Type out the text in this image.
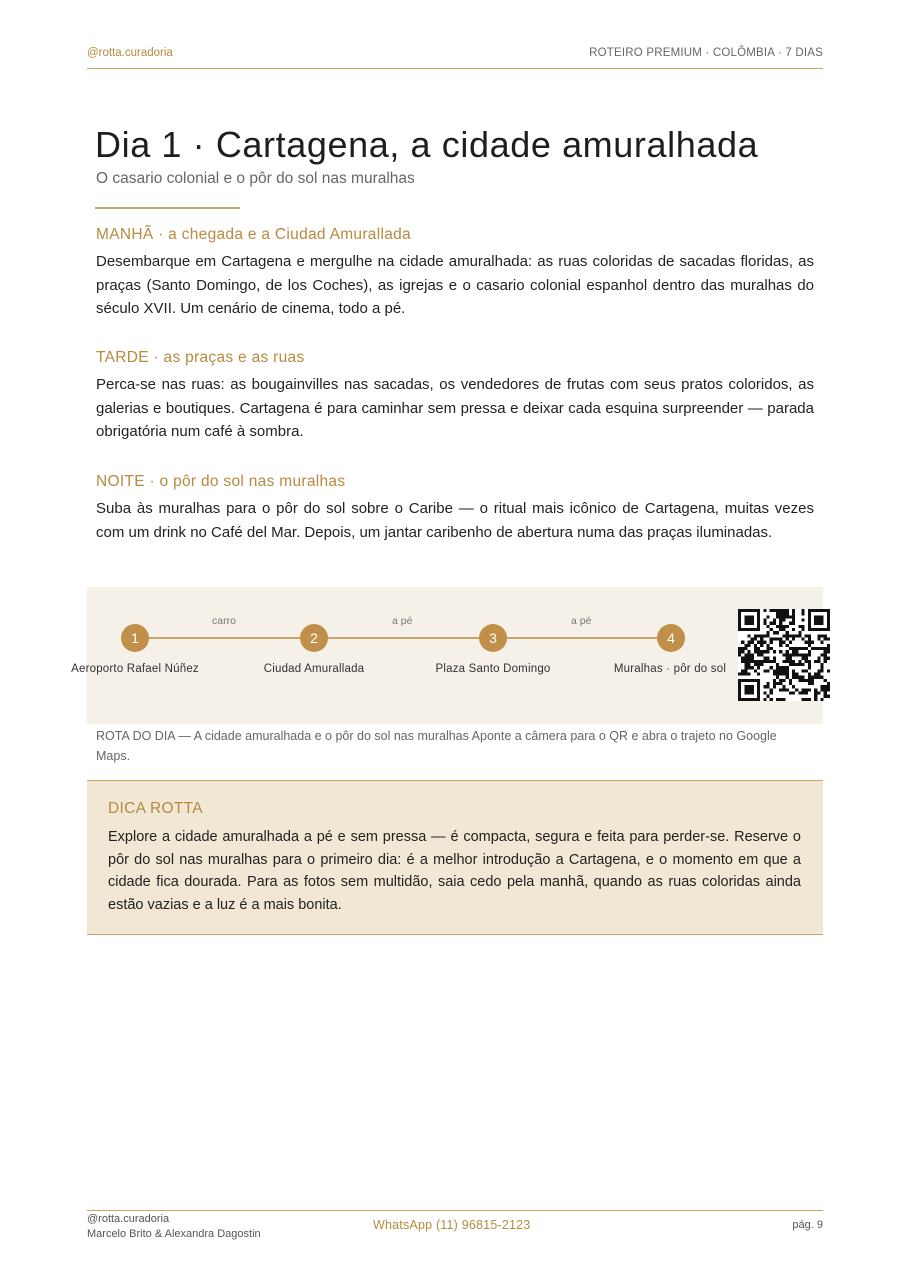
@rotta.curadoria	ROTEIRO PREMIUM · COLÔMBIA · 7 DIAS
Dia 1 · Cartagena, a cidade amuralhada
O casario colonial e o pôr do sol nas muralhas
MANHÃ · a chegada e a Ciudad Amurallada
Desembarque em Cartagena e mergulhe na cidade amuralhada: as ruas coloridas de sacadas floridas, as praças (Santo Domingo, de los Coches), as igrejas e o casario colonial espanhol dentro das muralhas do século XVII. Um cenário de cinema, todo a pé.
TARDE · as praças e as ruas
Perca-se nas ruas: as bougainvilles nas sacadas, os vendedores de frutas com seus pratos coloridos, as galerias e boutiques. Cartagena é para caminhar sem pressa e deixar cada esquina surpreender — parada obrigatória num café à sombra.
NOITE · o pôr do sol nas muralhas
Suba às muralhas para o pôr do sol sobre o Caribe — o ritual mais icônico de Cartagena, muitas vezes com um drink no Café del Mar. Depois, um jantar caribenho de abertura numa das praças iluminadas.
carro	a pé	a pé
1	2	3	4
Aeroporto Rafael Núñez	Ciudad Amurallada	Plaza Santo Domingo	Muralhas · pôr do sol
ROTA DO DIA — A cidade amuralhada e o pôr do sol nas muralhas Aponte a câmera para o QR e abra o trajeto no Google Maps.
DICA ROTTA
Explore a cidade amuralhada a pé e sem pressa — é compacta, segura e feita para perder-se. Reserve o pôr do sol nas muralhas para o primeiro dia: é a melhor introdução a Cartagena, e o momento em que a cidade fica dourada. Para as fotos sem multidão, saia cedo pela manhã, quando as ruas coloridas ainda estão vazias e a luz é a mais bonita.
@rotta.curadoria
Marcelo Brito & Alexandra Dagostin
WhatsApp (11) 96815-2123	pág. 9
